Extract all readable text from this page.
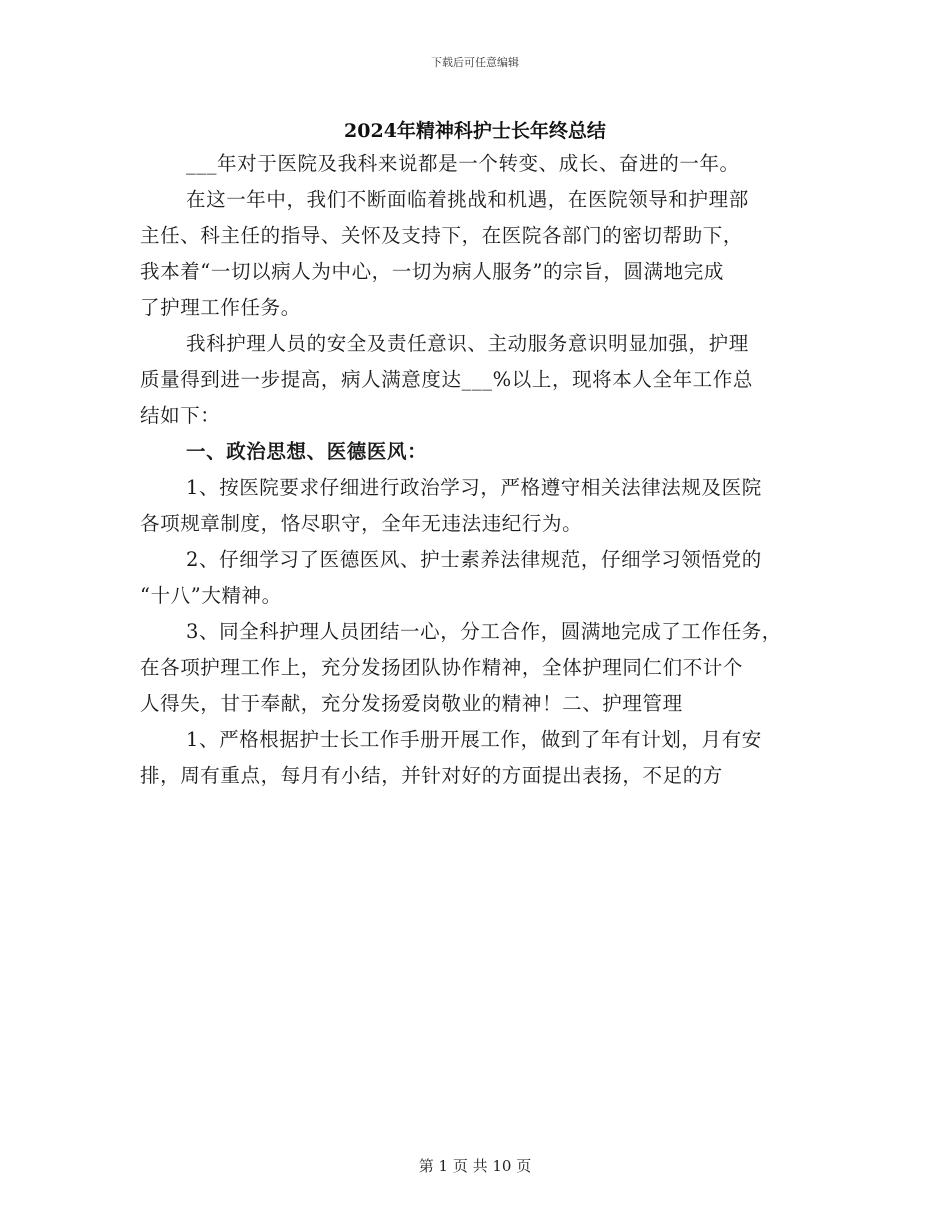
下载后可任意编辑
2024年精神科护士长年终总结
___年对于医院及我科来说都是一个转变、成长、奋进的一年。
在这一年中，我们不断面临着挑战和机遇，在医院领导和护理部
主任、科主任的指导、关怀及支持下，在医院各部门的密切帮助下，
我本着“一切以病人为中心，一切为病人服务”的宗旨，圆满地完成
了护理工作任务。
我科护理人员的安全及责任意识、主动服务意识明显加强，护理
质量得到进一步提高，病人满意度达___%以上，现将本人全年工作总
结如下：
一、政治思想、医德医风：
1、按医院要求仔细进行政治学习，严格遵守相关法律法规及医院
各项规章制度，恪尽职守，全年无违法违纪行为。
2、仔细学习了医德医风、护士素养法律规范，仔细学习领悟党的
“十八”大精神。
3、同全科护理人员团结一心，分工合作，圆满地完成了工作任务，
在各项护理工作上，充分发扬团队协作精神，全体护理同仁们不计个
人得失，甘于奉献，充分发扬爱岗敬业的精神！二、护理管理
1、严格根据护士长工作手册开展工作，做到了年有计划，月有安
排，周有重点，每月有小结，并针对好的方面提出表扬，不足的方
第 1 页 共 10 页
